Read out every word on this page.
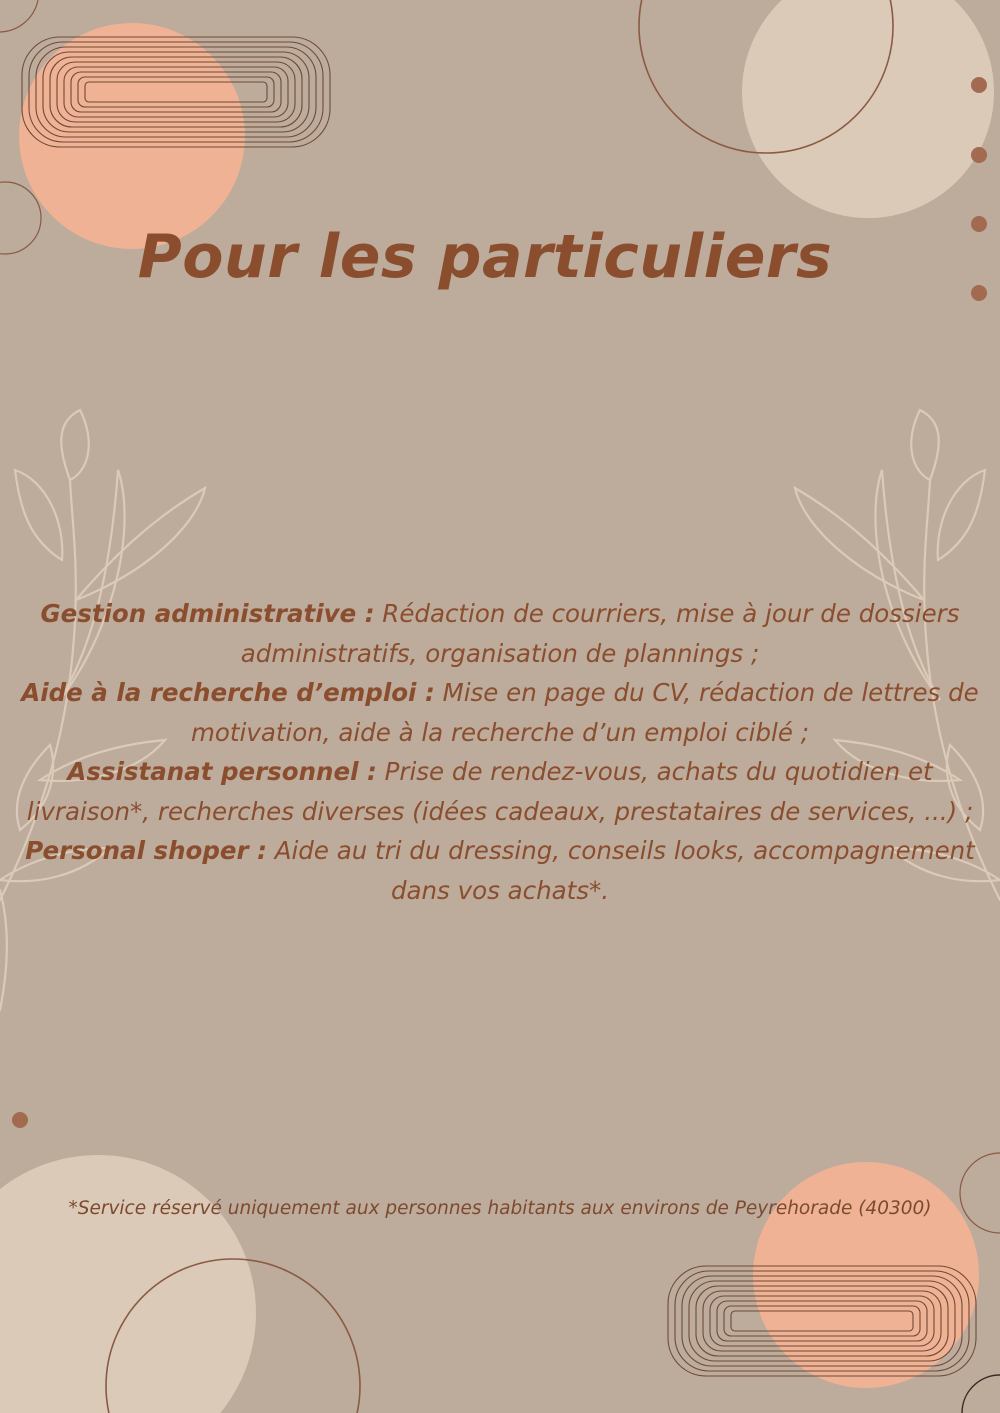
Pour les particuliers

Gestion administrative : Rédaction de courriers, mise à jour de dossiers administratifs, organisation de plannings ;
Aide à la recherche d’emploi : Mise en page du CV, rédaction de lettres de motivation, aide à la recherche d’un emploi ciblé ;
Assistanat personnel : Prise de rendez-vous, achats du quotidien et livraison*, recherches diverses (idées cadeaux, prestataires de services, ...) ;
Personal shoper : Aide au tri du dressing, conseils looks, accompagnement dans vos achats*.

*Service réservé uniquement aux personnes habitants aux environs de Peyrehorade (40300)
